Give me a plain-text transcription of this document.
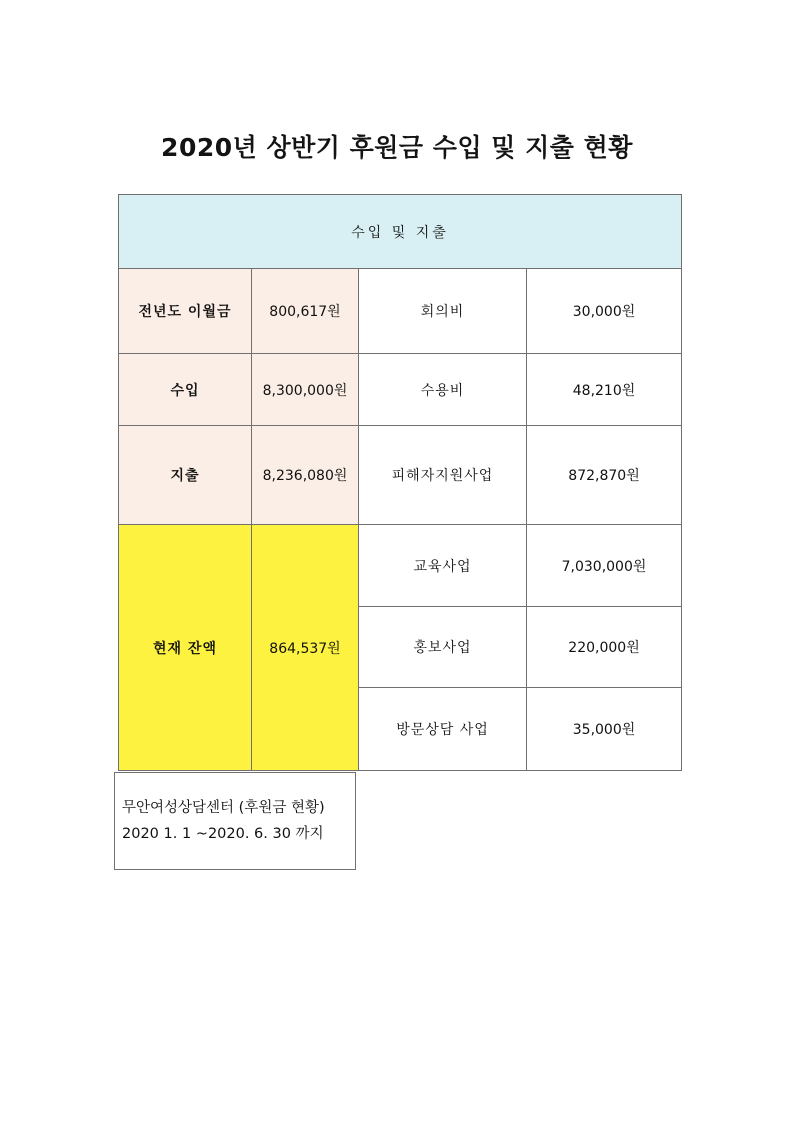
2020년 상반기 후원금 수입 및 지출 현황
수입 및 지출			
전년도 이월금	800,617원	회의비	30,000원
수입	8,300,000원	수용비	48,210원
지출	8,236,080원	피해자지원사업	872,870원
현재 잔액	864,537원	교육사업	7,030,000원
		홍보사업	220,000원
		방문상담 사업	35,000원
무안여성상담센터 (후원금 현황)
2020 1. 1 ~2020. 6. 30 까지
